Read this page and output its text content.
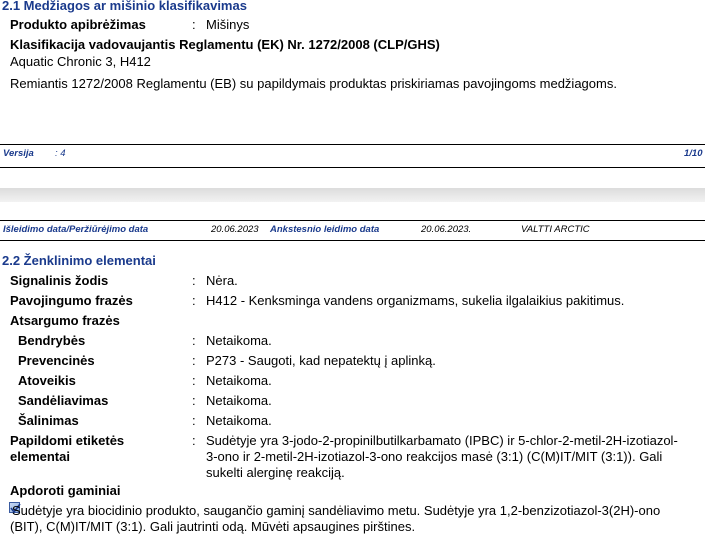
2.1 Medžiagos ar mišinio klasifikavimas
Produkto apibrėžimas	: Mišinys
Klasifikacija vadovaujantis Reglamentu (EK) Nr. 1272/2008 (CLP/GHS)
Aquatic Chronic 3, H412
Remiantis 1272/2008 Reglamentu (EB) su papildymais produktas priskiriamas pavojingoms medžiagoms.
Versija : 4	1/10
Išleidimo data/Peržiūrėjimo data	20.06.2023 Ankstesnio leidimo data	20.06.2023.	VALTTI ARCTIC
2.2 Ženklinimo elementai
Signalinis žodis	: Nėra.
Pavojingumo frazės	: H412 - Kenksminga vandens organizmams, sukelia ilgalaikius pakitimus.
Atsargumo frazės
Bendrybės	: Netaikoma.
Prevencinės	: P273 - Saugoti, kad nepatektų į aplinką.
Atoveikis	: Netaikoma.
Sandėliavimas	: Netaikoma.
Šalinimas	: Netaikoma.
Papildomi etiketės
elementai
: Sudėtyje yra 3-jodo-2-propinilbutilkarbamato (IPBC) ir 5-chlor-2-metil-2H-izotiazol-
3-ono ir 2-metil-2H-izotiazol-3-ono reakcijos masė (3:1) (C(M)IT/MIT (3:1)). Gali
sukelti alerginę reakciją.
Apdoroti gaminiai
Sudėtyje yra biocidinio produkto, saugančio gaminį sandėliavimo metu. Sudėtyje yra 1,2-benzizotiazol-3(2H)-ono
(BIT), C(M)IT/MIT (3:1). Gali jautrinti odą. Mūvėti apsaugines pirštines.
